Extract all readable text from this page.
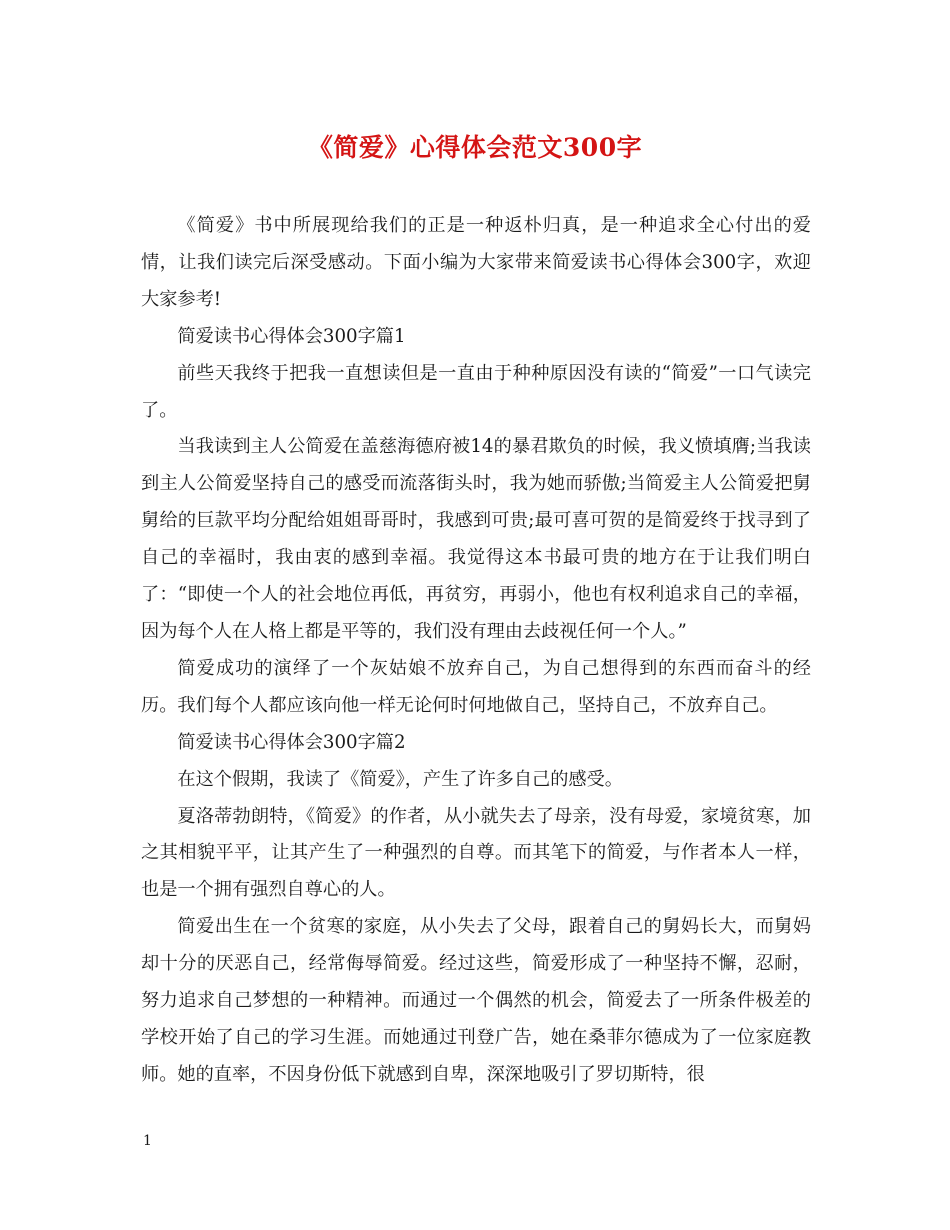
《简爱》心得体会范文300字

《简爱》书中所展现给我们的正是一种返朴归真，是一种追求全心付出的爱情，让我们读完后深受感动。下面小编为大家带来简爱读书心得体会300字，欢迎大家参考!

简爱读书心得体会300字篇1

前些天我终于把我一直想读但是一直由于种种原因没有读的“简爱”一口气读完了。

当我读到主人公简爱在盖慈海德府被14的暴君欺负的时候，我义愤填膺;当我读到主人公简爱坚持自己的感受而流落街头时，我为她而骄傲;当简爱主人公简爱把舅舅给的巨款平均分配给姐姐哥哥时，我感到可贵;最可喜可贺的是简爱终于找寻到了自己的幸福时，我由衷的感到幸福。我觉得这本书最可贵的地方在于让我们明白了：“即使一个人的社会地位再低，再贫穷，再弱小，他也有权利追求自己的幸福，因为每个人在人格上都是平等的，我们没有理由去歧视任何一个人。”

简爱成功的演绎了一个灰姑娘不放弃自己，为自己想得到的东西而奋斗的经历。我们每个人都应该向他一样无论何时何地做自己，坚持自己，不放弃自己。

简爱读书心得体会300字篇2

在这个假期，我读了《简爱》，产生了许多自己的感受。

夏洛蒂勃朗特，《简爱》的作者，从小就失去了母亲，没有母爱，家境贫寒，加之其相貌平平，让其产生了一种强烈的自尊。而其笔下的简爱，与作者本人一样，也是一个拥有强烈自尊心的人。

简爱出生在一个贫寒的家庭，从小失去了父母，跟着自己的舅妈长大，而舅妈却十分的厌恶自己，经常侮辱简爱。经过这些，简爱形成了一种坚持不懈，忍耐，努力追求自己梦想的一种精神。而通过一个偶然的机会，简爱去了一所条件极差的学校开始了自己的学习生涯。而她通过刊登广告，她在桑菲尔德成为了一位家庭教师。她的直率，不因身份低下就感到自卑，深深地吸引了罗切斯特，很

1
